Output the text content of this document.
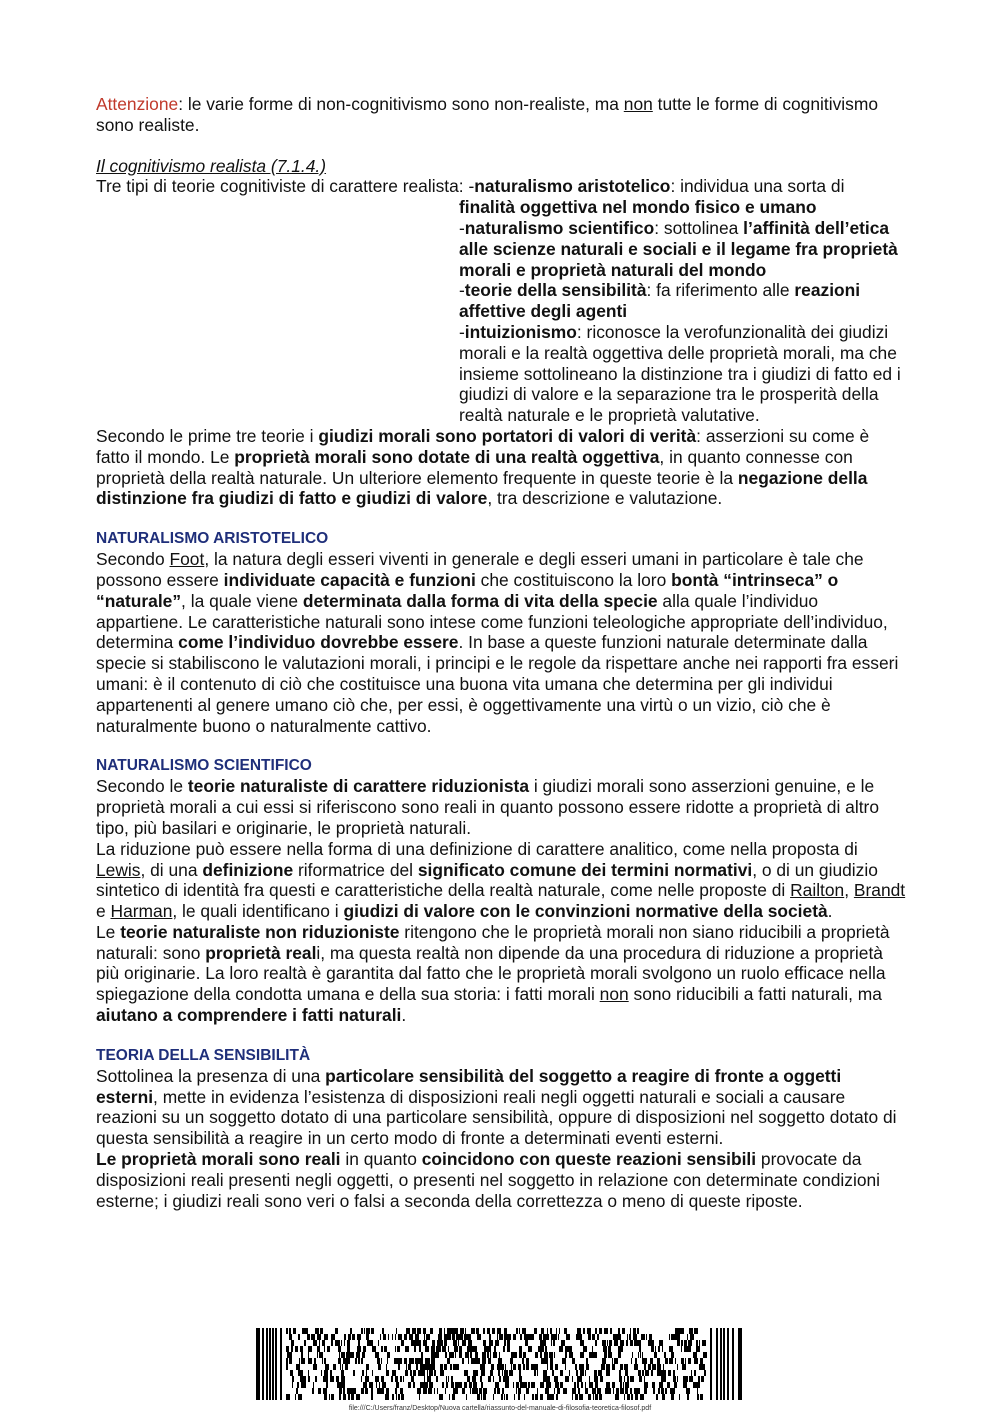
Attenzione: le varie forme di non-cognitivismo sono non-realiste, ma non tutte le forme di cognitivismo sono realiste.

Il cognitivismo realista (7.1.4.)

Tre tipi di teorie cognitiviste di carattere realista: -naturalismo aristotelico: individua una sorta di

finalità oggettiva nel mondo fisico e umano

-naturalismo scientifico: sottolinea l’affinità dell’etica alle scienze naturali e sociali e il legame fra proprietà morali e proprietà naturali del mondo

-teorie della sensibilità: fa riferimento alle reazioni affettive degli agenti

-intuizionismo: riconosce la verofunzionalità dei giudizi morali e la realtà oggettiva delle proprietà morali, ma che insieme sottolineano la distinzione tra i giudizi di fatto ed i giudizi di valore e la separazione tra le prosperità della realtà naturale e le proprietà valutative.

Secondo le prime tre teorie i giudizi morali sono portatori di valori di verità: asserzioni su come è fatto il mondo. Le proprietà morali sono dotate di una realtà oggettiva, in quanto connesse con proprietà della realtà naturale. Un ulteriore elemento frequente in queste teorie è la negazione della distinzione fra giudizi di fatto e giudizi di valore, tra descrizione e valutazione.

NATURALISMO ARISTOTELICO

Secondo Foot, la natura degli esseri viventi in generale e degli esseri umani in particolare è tale che possono essere individuate capacità e funzioni che costituiscono la loro bontà “intrinseca” o “naturale”, la quale viene determinata dalla forma di vita della specie alla quale l’individuo appartiene. Le caratteristiche naturali sono intese come funzioni teleologiche appropriate dell’individuo, determina come l’individuo dovrebbe essere. In base a queste funzioni naturale determinate dalla specie si stabiliscono le valutazioni morali, i principi e le regole da rispettare anche nei rapporti fra esseri umani: è il contenuto di ciò che costituisce una buona vita umana che determina per gli individui appartenenti al genere umano ciò che, per essi, è oggettivamente una virtù o un vizio, ciò che è naturalmente buono o naturalmente cattivo.

NATURALISMO SCIENTIFICO

Secondo le teorie naturaliste di carattere riduzionista i giudizi morali sono asserzioni genuine, e le proprietà morali a cui essi si riferiscono sono reali in quanto possono essere ridotte a proprietà di altro tipo, più basilari e originarie, le proprietà naturali.

La riduzione può essere nella forma di una definizione di carattere analitico, come nella proposta di Lewis, di una definizione riformatrice del significato comune dei termini normativi, o di un giudizio sintetico di identità fra questi e caratteristiche della realtà naturale, come nelle proposte di Railton, Brandt e Harman, le quali identificano i giudizi di valore con le convinzioni normative della società.

Le teorie naturaliste non riduzioniste ritengono che le proprietà morali non siano riducibili a proprietà naturali: sono proprietà reali, ma questa realtà non dipende da una procedura di riduzione a proprietà più originarie. La loro realtà è garantita dal fatto che le proprietà morali svolgono un ruolo efficace nella spiegazione della condotta umana e della sua storia: i fatti morali non sono riducibili a fatti naturali, ma aiutano a comprendere i fatti naturali.

TEORIA DELLA SENSIBILITÀ

Sottolinea la presenza di una particolare sensibilità del soggetto a reagire di fronte a oggetti esterni, mette in evidenza l’esistenza di disposizioni reali negli oggetti naturali e sociali a causare reazioni su un soggetto dotato di una particolare sensibilità, oppure di disposizioni nel soggetto dotato di questa sensibilità a reagire in un certo modo di fronte a determinati eventi esterni.

Le proprietà morali sono reali in quanto coincidono con queste reazioni sensibili provocate da disposizioni reali presenti negli oggetti, o presenti nel soggetto in relazione con determinate condizioni esterne; i giudizi reali sono veri o falsi a seconda della correttezza o meno di queste riposte.

file:///C:/Users/franz/Desktop/Nuova cartella/riassunto-del-manuale-di-filosofia-teoretica-filosof.pdf
